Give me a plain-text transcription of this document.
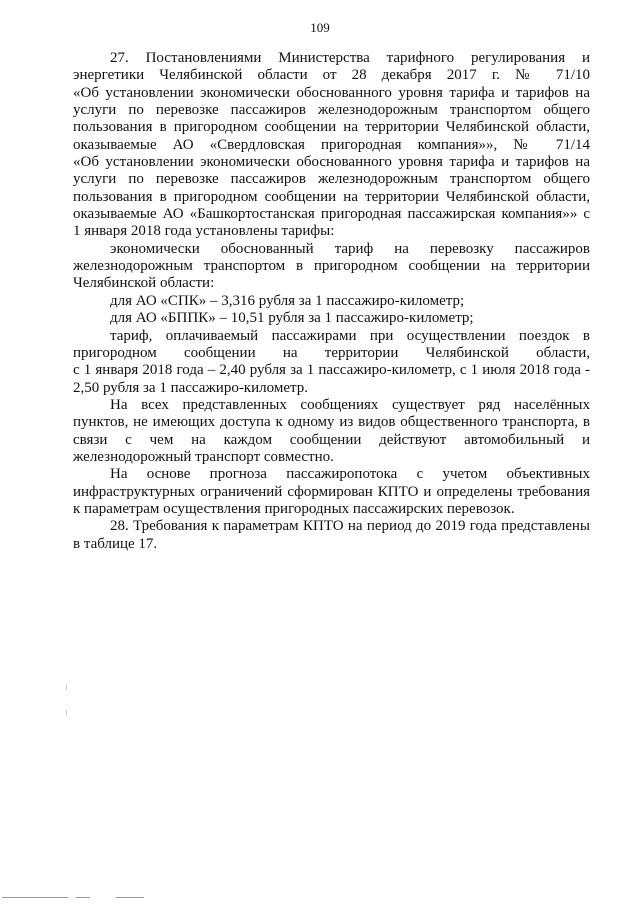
109
27. Постановлениями Министерства тарифного регулирования и
энергетики Челябинской области от 28 декабря 2017 г. № 71/10
«Об установлении экономически обоснованного уровня тарифа и тарифов на
услуги по перевозке пассажиров железнодорожным транспортом общего
пользования в пригородном сообщении на территории Челябинской области,
оказываемые АО «Свердловская пригородная компания»», № 71/14
«Об установлении экономически обоснованного уровня тарифа и тарифов на
услуги по перевозке пассажиров железнодорожным транспортом общего
пользования в пригородном сообщении на территории Челябинской области,
оказываемые АО «Башкортостанская пригородная пассажирская компания»» с
1 января 2018 года установлены тарифы:
экономически обоснованный тариф на перевозку пассажиров
железнодорожным транспортом в пригородном сообщении на территории
Челябинской области:
для АО «СПК» – 3,316 рубля за 1 пассажиро-километр;
для АО «БППК» – 10,51 рубля за 1 пассажиро-километр;
тариф, оплачиваемый пассажирами при осуществлении поездок в
пригородном сообщении на территории Челябинской области,
с 1 января 2018 года – 2,40 рубля за 1 пассажиро-километр, с 1 июля 2018 года -
2,50 рубля за 1 пассажиро-километр.
На всех представленных сообщениях существует ряд населённых
пунктов, не имеющих доступа к одному из видов общественного транспорта, в
связи с чем на каждом сообщении действуют автомобильный и
железнодорожный транспорт совместно.
На основе прогноза пассажиропотока с учетом объективных
инфраструктурных ограничений сформирован КПТО и определены требования
к параметрам осуществления пригородных пассажирских перевозок.
28. Требования к параметрам КПТО на период до 2019 года представлены
в таблице 17.
